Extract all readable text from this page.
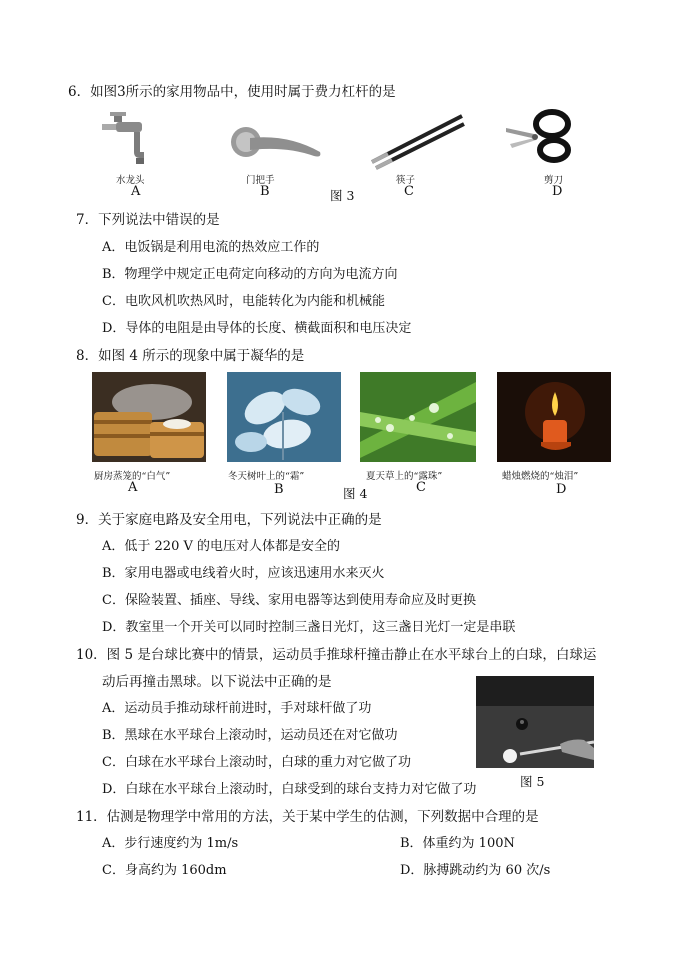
6．如图3所示的家用物品中，使用时属于费力杠杆的是
水龙头
A
门把手
B	图 3
筷子
C
剪刀
D
7．下列说法中错误的是
A．电饭锅是利用电流的热效应工作的
B．物理学中规定正电荷定向移动的方向为电流方向
C．电吹风机吹热风时，电能转化为内能和机械能
D．导体的电阻是由导体的长度、横截面积和电压决定
8．如图 4 所示的现象中属于凝华的是
厨房蒸笼的“白气”
A
冬天树叶上的“霜”
B	图 4
夏天草上的“露珠”
C
蜡烛燃烧的“烛泪”
D
9．关于家庭电路及安全用电，下列说法中正确的是
A．低于 220 V 的电压对人体都是安全的
B．家用电器或电线着火时，应该迅速用水来灭火
C．保险装置、插座、导线、家用电器等达到使用寿命应及时更换
D．教室里一个开关可以同时控制三盏日光灯，这三盏日光灯一定是串联
10．图 5 是台球比赛中的情景，运动员手推球杆撞击静止在水平球台上的白球，白球运
动后再撞击黑球。以下说法中正确的是
A．运动员手推动球杆前进时，手对球杆做了功
B．黑球在水平球台上滚动时，运动员还在对它做功
C．白球在水平球台上滚动时，白球的重力对它做了功
D．白球在水平球台上滚动时，白球受到的球台支持力对它做了功
图 5
11．估测是物理学中常用的方法，关于某中学生的估测，下列数据中合理的是
A．步行速度约为 1m/s	B．体重约为 100N
C．身高约为 160dm	D．脉搏跳动约为 60 次/s
